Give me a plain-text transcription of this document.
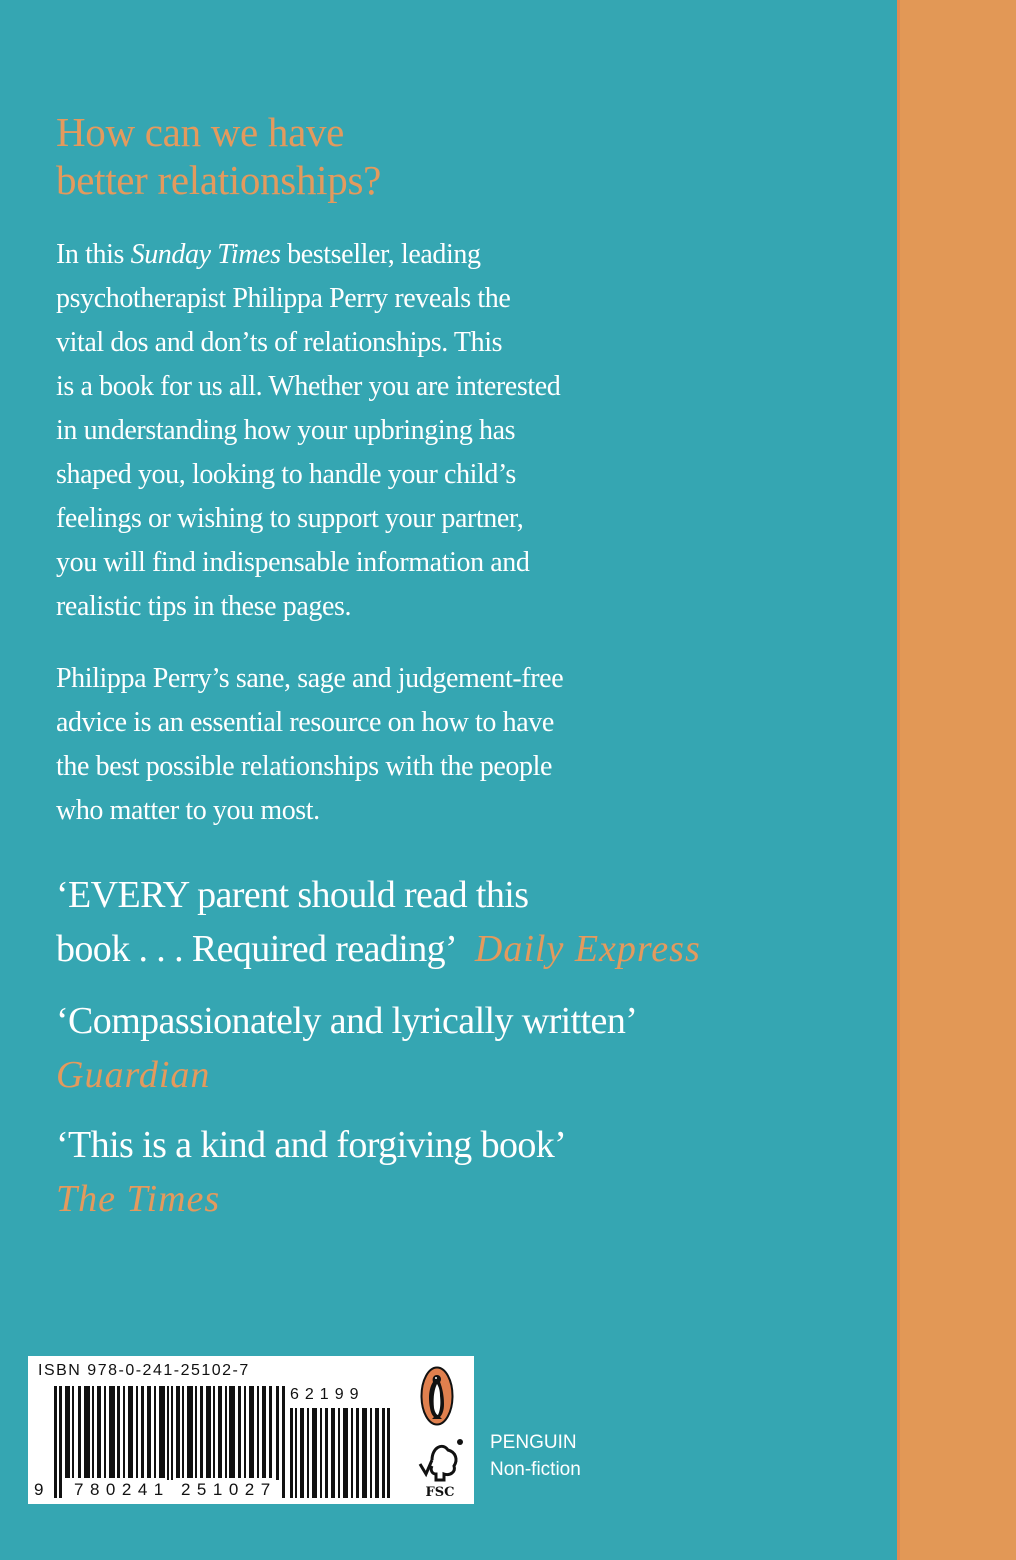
How can we have
better relationships?

In this Sunday Times bestseller, leading

psychotherapist Philippa Perry reveals the

vital dos and don’ts of relationships. This

is a book for us all. Whether you are interested

in understanding how your upbringing has

shaped you, looking to handle your child’s

feelings or wishing to support your partner,

you will find indispensable information and

realistic tips in these pages.

Philippa Perry’s sane, sage and judgement-free

advice is an essential resource on how to have

the best possible relationships with the people

who matter to you most.

‘EVERY parent should read this
book . . . Required reading’ Daily Express
‘Compassionately and lyrically written’
Guardian
‘This is a kind and forgiving book’
The Times
ISBN 978-0-241-25102-7
62199
9 780241 251027	FSC
PENGUIN
Non-fiction
